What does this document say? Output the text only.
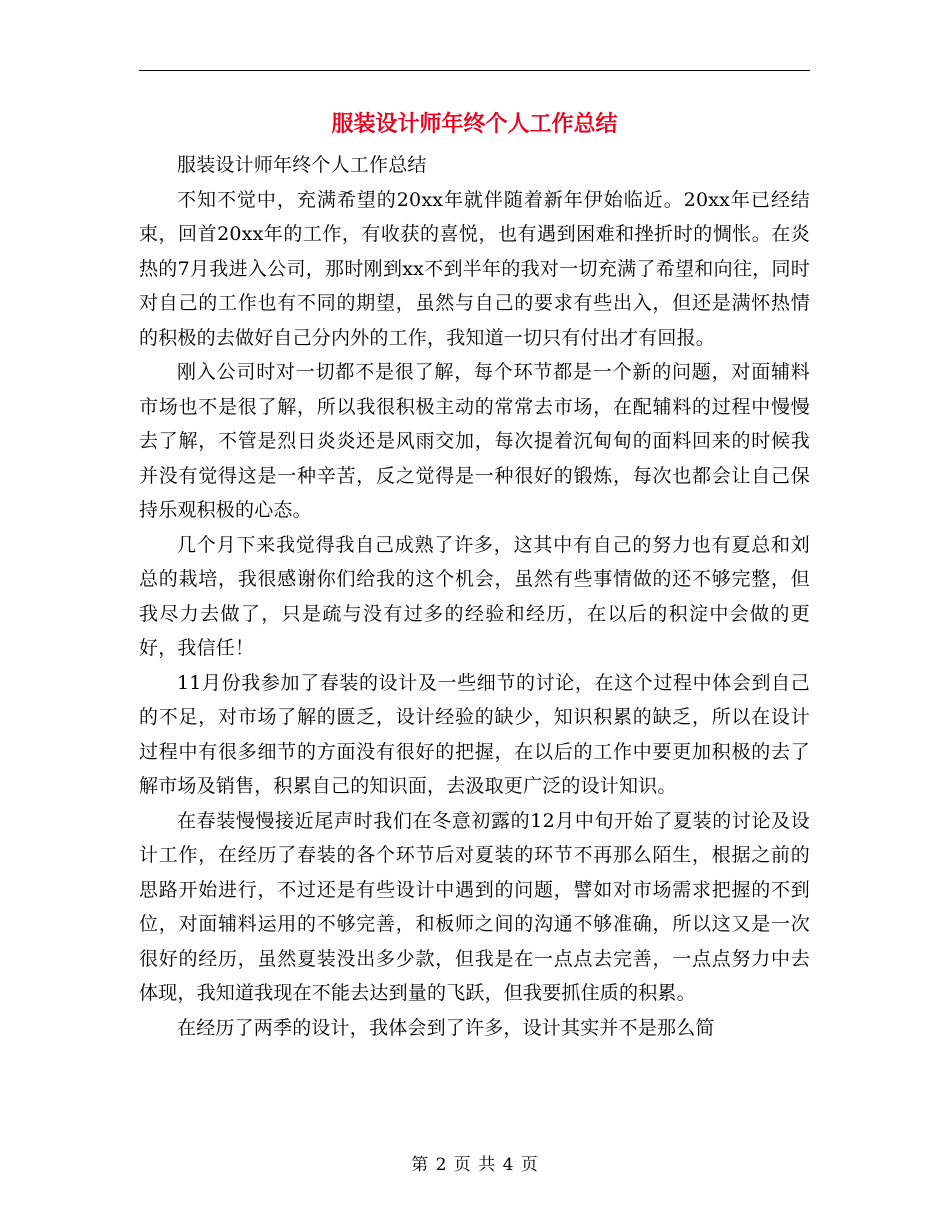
服装设计师年终个人工作总结

服装设计师年终个人工作总结

不知不觉中，充满希望的20xx年就伴随着新年伊始临近。20xx年已经结束，回首20xx年的工作，有收获的喜悦，也有遇到困难和挫折时的惆怅。在炎热的7月我进入公司，那时刚到xx不到半年的我对一切充满了希望和向往，同时对自己的工作也有不同的期望，虽然与自己的要求有些出入，但还是满怀热情的积极的去做好自己分内外的工作，我知道一切只有付出才有回报。

刚入公司时对一切都不是很了解，每个环节都是一个新的问题，对面辅料市场也不是很了解，所以我很积极主动的常常去市场，在配辅料的过程中慢慢去了解，不管是烈日炎炎还是风雨交加，每次提着沉甸甸的面料回来的时候我并没有觉得这是一种辛苦，反之觉得是一种很好的锻炼，每次也都会让自己保持乐观积极的心态。

几个月下来我觉得我自己成熟了许多，这其中有自己的努力也有夏总和刘总的栽培，我很感谢你们给我的这个机会，虽然有些事情做的还不够完整，但我尽力去做了，只是疏与没有过多的经验和经历，在以后的积淀中会做的更好，我信任！

11月份我参加了春装的设计及一些细节的讨论，在这个过程中体会到自己的不足，对市场了解的匮乏，设计经验的缺少，知识积累的缺乏，所以在设计过程中有很多细节的方面没有很好的把握，在以后的工作中要更加积极的去了解市场及销售，积累自己的知识面，去汲取更广泛的设计知识。

在春装慢慢接近尾声时我们在冬意初露的12月中旬开始了夏装的讨论及设计工作，在经历了春装的各个环节后对夏装的环节不再那么陌生，根据之前的思路开始进行，不过还是有些设计中遇到的问题，譬如对市场需求把握的不到位，对面辅料运用的不够完善，和板师之间的沟通不够准确，所以这又是一次很好的经历，虽然夏装没出多少款，但我是在一点点去完善，一点点努力中去体现，我知道我现在不能去达到量的飞跃，但我要抓住质的积累。

在经历了两季的设计，我体会到了许多，设计其实并不是那么简

第 2 页 共 4 页
